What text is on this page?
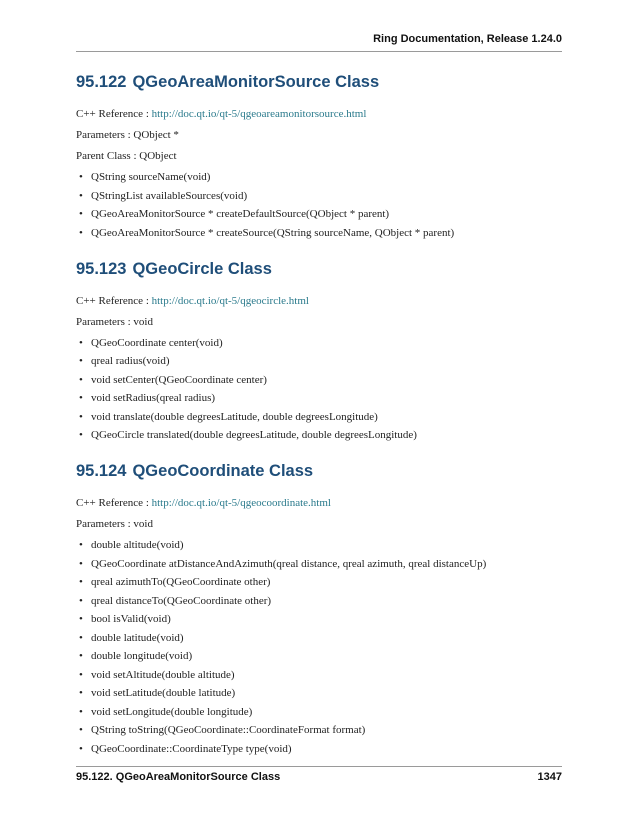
Ring Documentation, Release 1.24.0
95.122 QGeoAreaMonitorSource Class

C++ Reference : http://doc.qt.io/qt-5/qgeoareamonitorsource.html

Parameters : QObject *

Parent Class : QObject

• QString sourceName(void)
• QStringList availableSources(void)
• QGeoAreaMonitorSource * createDefaultSource(QObject * parent)
• QGeoAreaMonitorSource * createSource(QString sourceName, QObject * parent)
95.123 QGeoCircle Class

C++ Reference : http://doc.qt.io/qt-5/qgeocircle.html

Parameters : void

• QGeoCoordinate center(void)
• qreal radius(void)
• void setCenter(QGeoCoordinate center)
• void setRadius(qreal radius)
• void translate(double degreesLatitude, double degreesLongitude)
• QGeoCircle translated(double degreesLatitude, double degreesLongitude)
95.124 QGeoCoordinate Class

C++ Reference : http://doc.qt.io/qt-5/qgeocoordinate.html

Parameters : void

• double altitude(void)
• QGeoCoordinate atDistanceAndAzimuth(qreal distance, qreal azimuth, qreal distanceUp)
• qreal azimuthTo(QGeoCoordinate other)
• qreal distanceTo(QGeoCoordinate other)
• bool isValid(void)
• double latitude(void)
• double longitude(void)
• void setAltitude(double altitude)
• void setLatitude(double latitude)
• void setLongitude(double longitude)
• QString toString(QGeoCoordinate::CoordinateFormat format)
• QGeoCoordinate::CoordinateType type(void)
95.122. QGeoAreaMonitorSource Class	1347
